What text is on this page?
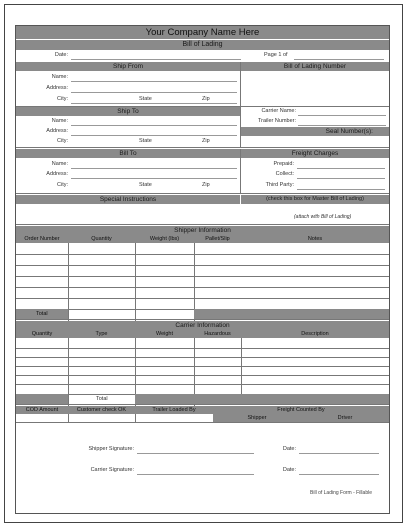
Your Company Name Here
Bill of Lading
Date:	Page 1 of
Ship From	Bill of Lading Number
Name:
Address:
City:	State	Zip
Ship To	Carrier Name:
Trailer Number:
Seal Number(s):
Name:
Address:
City:	State	Zip
Bill To	Freight Charges
Name:
Address:
City:	State	Zip
Prepaid:
Collect:
Third Party:
Special Instructions	(check this box for Master Bill of Lading)
(attach with Bill of Lading)
Shipper Information
Order Number	Quantity	Weight (lbs)	Pallet/Slip	Notes
Total
Carrier Information
Quantity	Type	Weight	Hazardous	Description
Total
COD Amount	Customer check OK	Trailer Loaded By	Freight Counted By
Shipper	Driver
Shipper Signature:	Date:
Carrier Signature:	Date:
Bill of Lading Form - Fillable
